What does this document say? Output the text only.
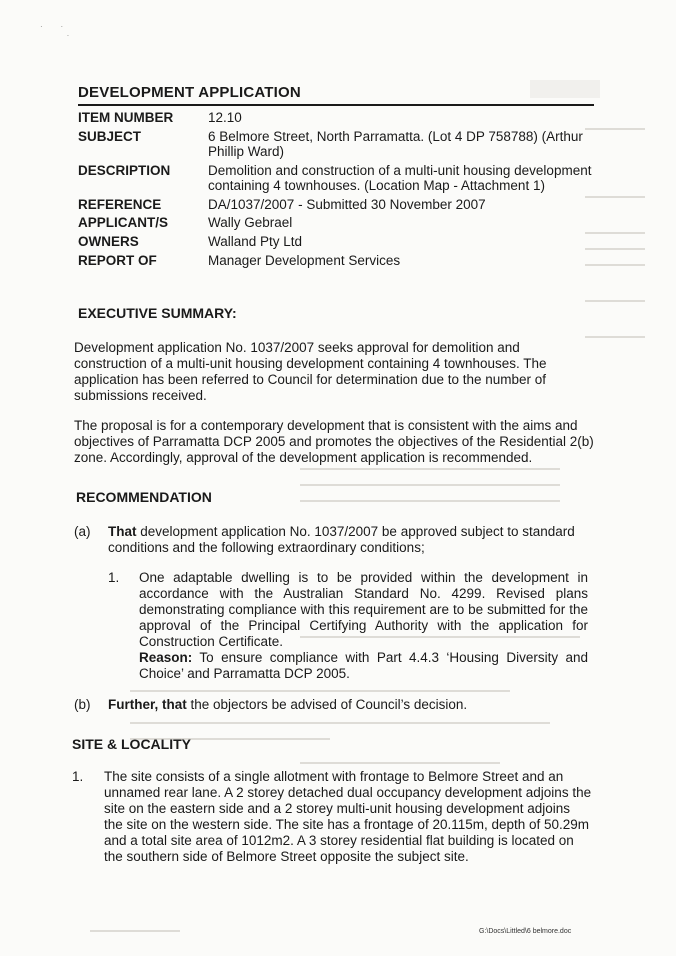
·        ·
·
DEVELOPMENT APPLICATION
ITEM NUMBER	12.10
SUBJECT	6 Belmore Street, North Parramatta. (Lot 4 DP 758788) (Arthur Phillip Ward)
DESCRIPTION	Demolition and construction of a multi-unit housing development containing 4 townhouses. (Location Map - Attachment 1)
REFERENCE	DA/1037/2007 - Submitted 30 November 2007
APPLICANT/S	Wally Gebrael
OWNERS	Walland Pty Ltd
REPORT OF	Manager Development Services
EXECUTIVE SUMMARY:
Development application No. 1037/2007 seeks approval for demolition and construction of a multi-unit housing development containing 4 townhouses. The application has been referred to Council for determination due to the number of submissions received.
The proposal is for a contemporary development that is consistent with the aims and objectives of Parramatta DCP 2005 and promotes the objectives of the Residential 2(b) zone. Accordingly, approval of the development application is recommended.
RECOMMENDATION
(a) That development application No. 1037/2007 be approved subject to standard conditions and the following extraordinary conditions;
1. One adaptable dwelling is to be provided within the development in accordance with the Australian Standard No. 4299. Revised plans demonstrating compliance with this requirement are to be submitted for the approval of the Principal Certifying Authority with the application for Construction Certificate.
Reason: To ensure compliance with Part 4.4.3 ‘Housing Diversity and Choice’ and Parramatta DCP 2005.
(b) Further, that the objectors be advised of Council’s decision.
SITE & LOCALITY
1. The site consists of a single allotment with frontage to Belmore Street and an unnamed rear lane. A 2 storey detached dual occupancy development adjoins the site on the eastern side and a 2 storey multi-unit housing development adjoins the site on the western side. The site has a frontage of 20.115m, depth of 50.29m and a total site area of 1012m2. A 3 storey residential flat building is located on the southern side of Belmore Street opposite the subject site.
G:\Docs\Littled\6 belmore.doc
